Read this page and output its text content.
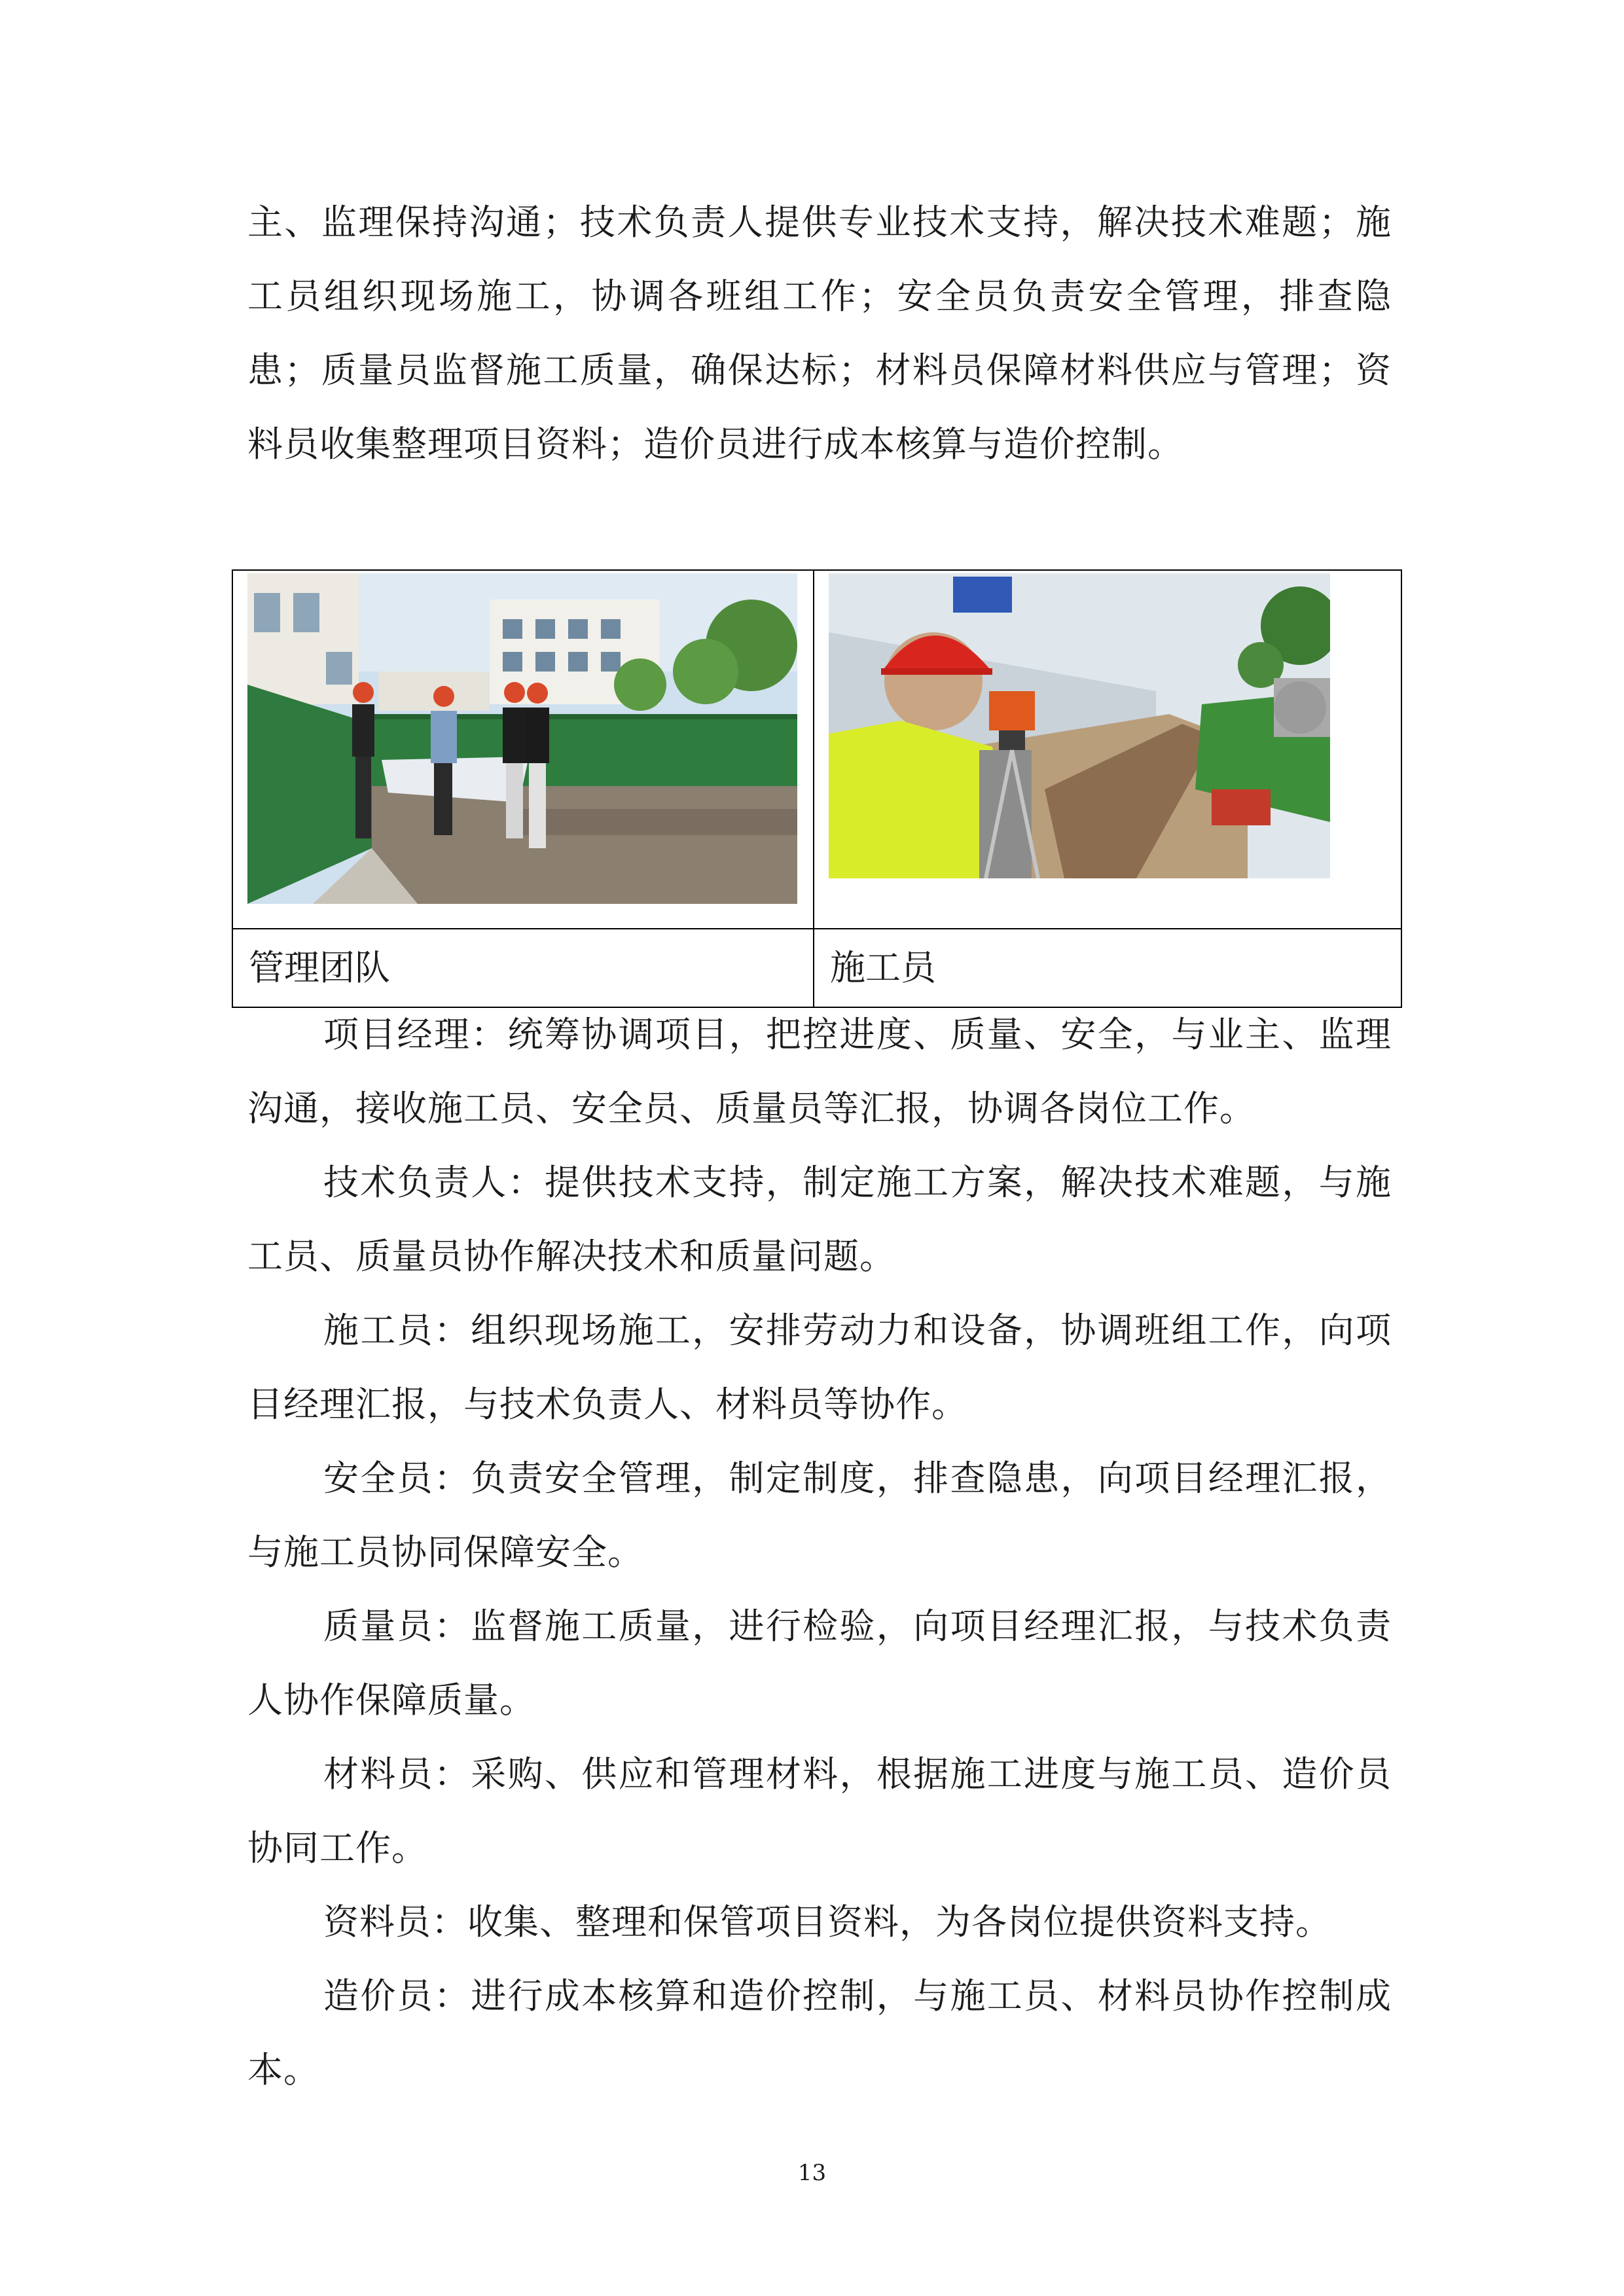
主、监理保持沟通；技术负责人提供专业技术支持，解决技术难题；施工员组织现场施工，协调各班组工作；安全员负责安全管理，排查隐患；质量员监督施工质量，确保达标；材料员保障材料供应与管理；资料员收集整理项目资料；造价员进行成本核算与造价控制。

管理团队	施工员

项目经理：统筹协调项目，把控进度、质量、安全，与业主、监理沟通，接收施工员、安全员、质量员等汇报，协调各岗位工作。

技术负责人：提供技术支持，制定施工方案，解决技术难题，与施工员、质量员协作解决技术和质量问题。

施工员：组织现场施工，安排劳动力和设备，协调班组工作，向项目经理汇报，与技术负责人、材料员等协作。

安全员：负责安全管理，制定制度，排查隐患，向项目经理汇报，与施工员协同保障安全。

质量员：监督施工质量，进行检验，向项目经理汇报，与技术负责人协作保障质量。

材料员：采购、供应和管理材料，根据施工进度与施工员、造价员协同工作。

资料员：收集、整理和保管项目资料，为各岗位提供资料支持。

造价员：进行成本核算和造价控制，与施工员、材料员协作控制成本。

13
